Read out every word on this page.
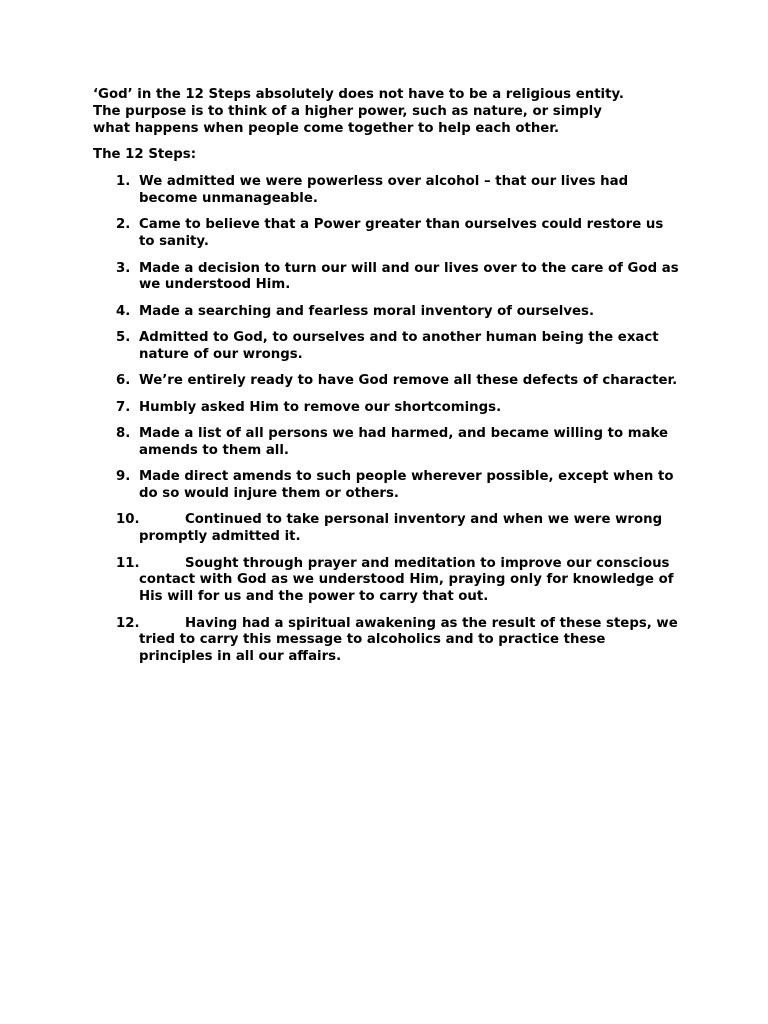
‘God’ in the 12 Steps absolutely does not have to be a religious entity.
The purpose is to think of a higher power, such as nature, or simply
what happens when people come together to help each other.

The 12 Steps:

1. We admitted we were powerless over alcohol – that our lives had become unmanageable.
2. Came to believe that a Power greater than ourselves could restore us to sanity.
3. Made a decision to turn our will and our lives over to the care of God as we understood Him.
4. Made a searching and fearless moral inventory of ourselves.
5. Admitted to God, to ourselves and to another human being the exact nature of our wrongs.
6. We’re entirely ready to have God remove all these defects of character.
7. Humbly asked Him to remove our shortcomings.
8. Made a list of all persons we had harmed, and became willing to make amends to them all.
9. Made direct amends to such people wherever possible, except when to do so would injure them or others.
10.	Continued to take personal inventory and when we were wrong promptly admitted it.
11.	Sought through prayer and meditation to improve our conscious contact with God as we understood Him, praying only for knowledge of His will for us and the power to carry that out.
12.	Having had a spiritual awakening as the result of these steps, we tried to carry this message to alcoholics and to practice these principles in all our affairs.
